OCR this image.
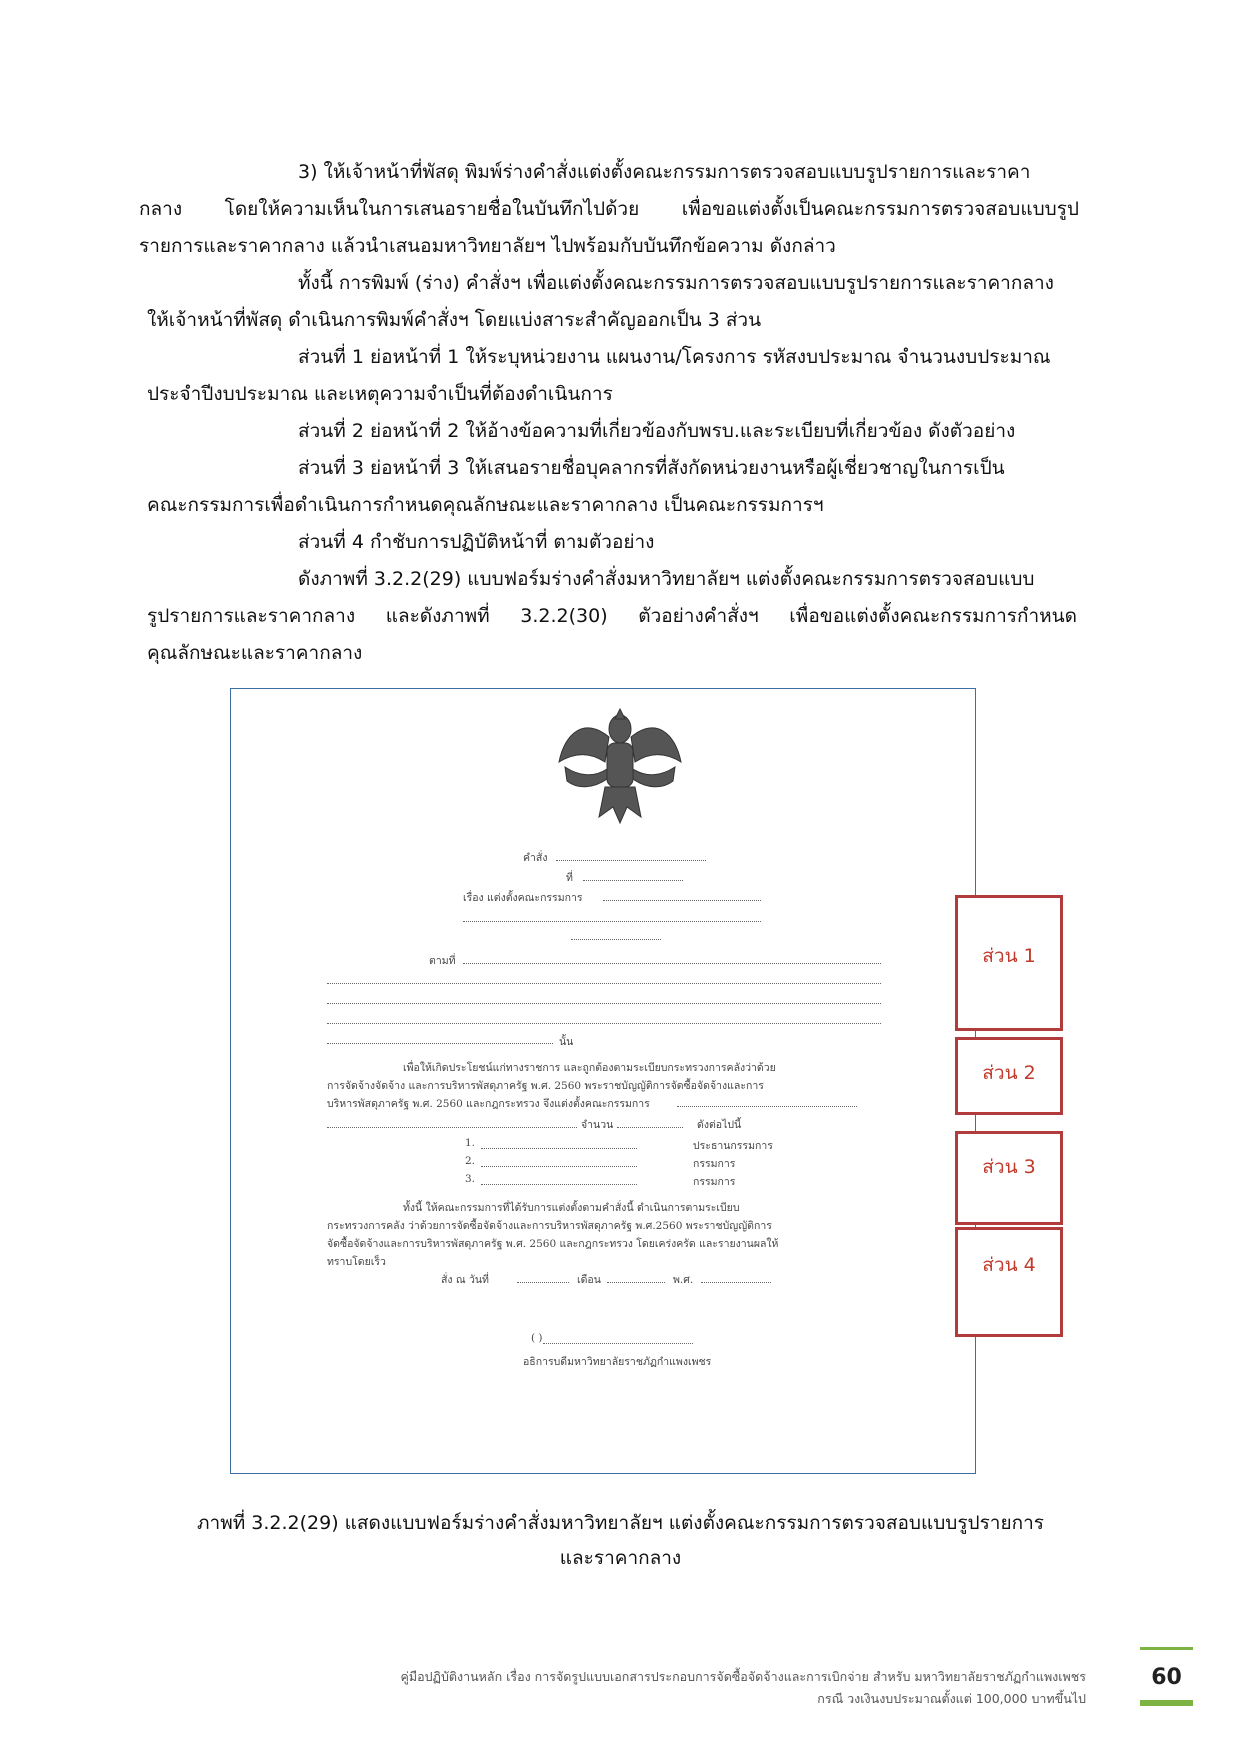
3) ให้เจ้าหน้าที่พัสดุ พิมพ์ร่างคำสั่งแต่งตั้งคณะกรรมการตรวจสอบแบบรูปรายการและราคา
กลาง โดยให้ความเห็นในการเสนอรายชื่อในบันทึกไปด้วย เพื่อขอแต่งตั้งเป็นคณะกรรมการตรวจสอบแบบรูป
รายการและราคากลาง แล้วนำเสนอมหาวิทยาลัยฯ ไปพร้อมกับบันทึกข้อความ ดังกล่าว
ทั้งนี้ การพิมพ์ (ร่าง) คำสั่งฯ เพื่อแต่งตั้งคณะกรรมการตรวจสอบแบบรูปรายการและราคากลาง
ให้เจ้าหน้าที่พัสดุ ดำเนินการพิมพ์คำสั่งฯ โดยแบ่งสาระสำคัญออกเป็น 3 ส่วน
ส่วนที่ 1 ย่อหน้าที่ 1 ให้ระบุหน่วยงาน แผนงาน/โครงการ รหัสงบประมาณ จำนวนงบประมาณ
ประจำปีงบประมาณ และเหตุความจำเป็นที่ต้องดำเนินการ
ส่วนที่ 2 ย่อหน้าที่ 2 ให้อ้างข้อความที่เกี่ยวข้องกับพรบ.และระเบียบที่เกี่ยวข้อง ดังตัวอย่าง
ส่วนที่ 3 ย่อหน้าที่ 3 ให้เสนอรายชื่อบุคลากรที่สังกัดหน่วยงานหรือผู้เชี่ยวชาญในการเป็น
คณะกรรมการเพื่อดำเนินการกำหนดคุณลักษณะและราคากลาง เป็นคณะกรรมการฯ
ส่วนที่ 4 กำชับการปฏิบัติหน้าที่ ตามตัวอย่าง
ดังภาพที่ 3.2.2(29) แบบฟอร์มร่างคำสั่งมหาวิทยาลัยฯ แต่งตั้งคณะกรรมการตรวจสอบแบบ
รูปรายการและราคากลาง และดังภาพที่ 3.2.2(30) ตัวอย่างคำสั่งฯ เพื่อขอแต่งตั้งคณะกรรมการกำหนด
คุณลักษณะและราคากลาง
คำสั่ง
ที่
เรื่อง แต่งตั้งคณะกรรมการ
ตามที่
นั้น
เพื่อให้เกิดประโยชน์แก่ทางราชการ และถูกต้องตามระเบียบกระทรวงการคลังว่าด้วย
การจัดจ้างจัดจ้าง และการบริหารพัสดุภาครัฐ พ.ศ. 2560 พระราชบัญญัติการจัดซื้อจัดจ้างและการ
บริหารพัสดุภาครัฐ พ.ศ. 2560 และกฎกระทรวง จึงแต่งตั้งคณะกรรมการ
จำนวน	ดังต่อไปนี้
1.	ประธานกรรมการ
2.	กรรมการ
3.	กรรมการ
ทั้งนี้ ให้คณะกรรมการที่ได้รับการแต่งตั้งตามคำสั่งนี้ ดำเนินการตามระเบียบ
กระทรวงการคลัง ว่าด้วยการจัดซื้อจัดจ้างและการบริหารพัสดุภาครัฐ พ.ศ.2560 พระราชบัญญัติการ
จัดซื้อจัดจ้างและการบริหารพัสดุภาครัฐ พ.ศ. 2560 และกฎกระทรวง โดยเคร่งครัด และรายงานผลให้
ทราบโดยเร็ว
สั่ง ณ วันที่	เดือน	พ.ศ.
( )
อธิการบดีมหาวิทยาลัยราชภัฏกำแพงเพชร
ส่วน 1
ส่วน 2
ส่วน 3
ส่วน 4
ภาพที่ 3.2.2(29) แสดงแบบฟอร์มร่างคำสั่งมหาวิทยาลัยฯ แต่งตั้งคณะกรรมการตรวจสอบแบบรูปรายการ
และราคากลาง
60
คู่มือปฏิบัติงานหลัก เรื่อง การจัดรูปแบบเอกสารประกอบการจัดซื้อจัดจ้างและการเบิกจ่าย สำหรับ มหาวิทยาลัยราชภัฏกำแพงเพชร
กรณี วงเงินงบประมาณตั้งแต่ 100,000 บาทขึ้นไป
